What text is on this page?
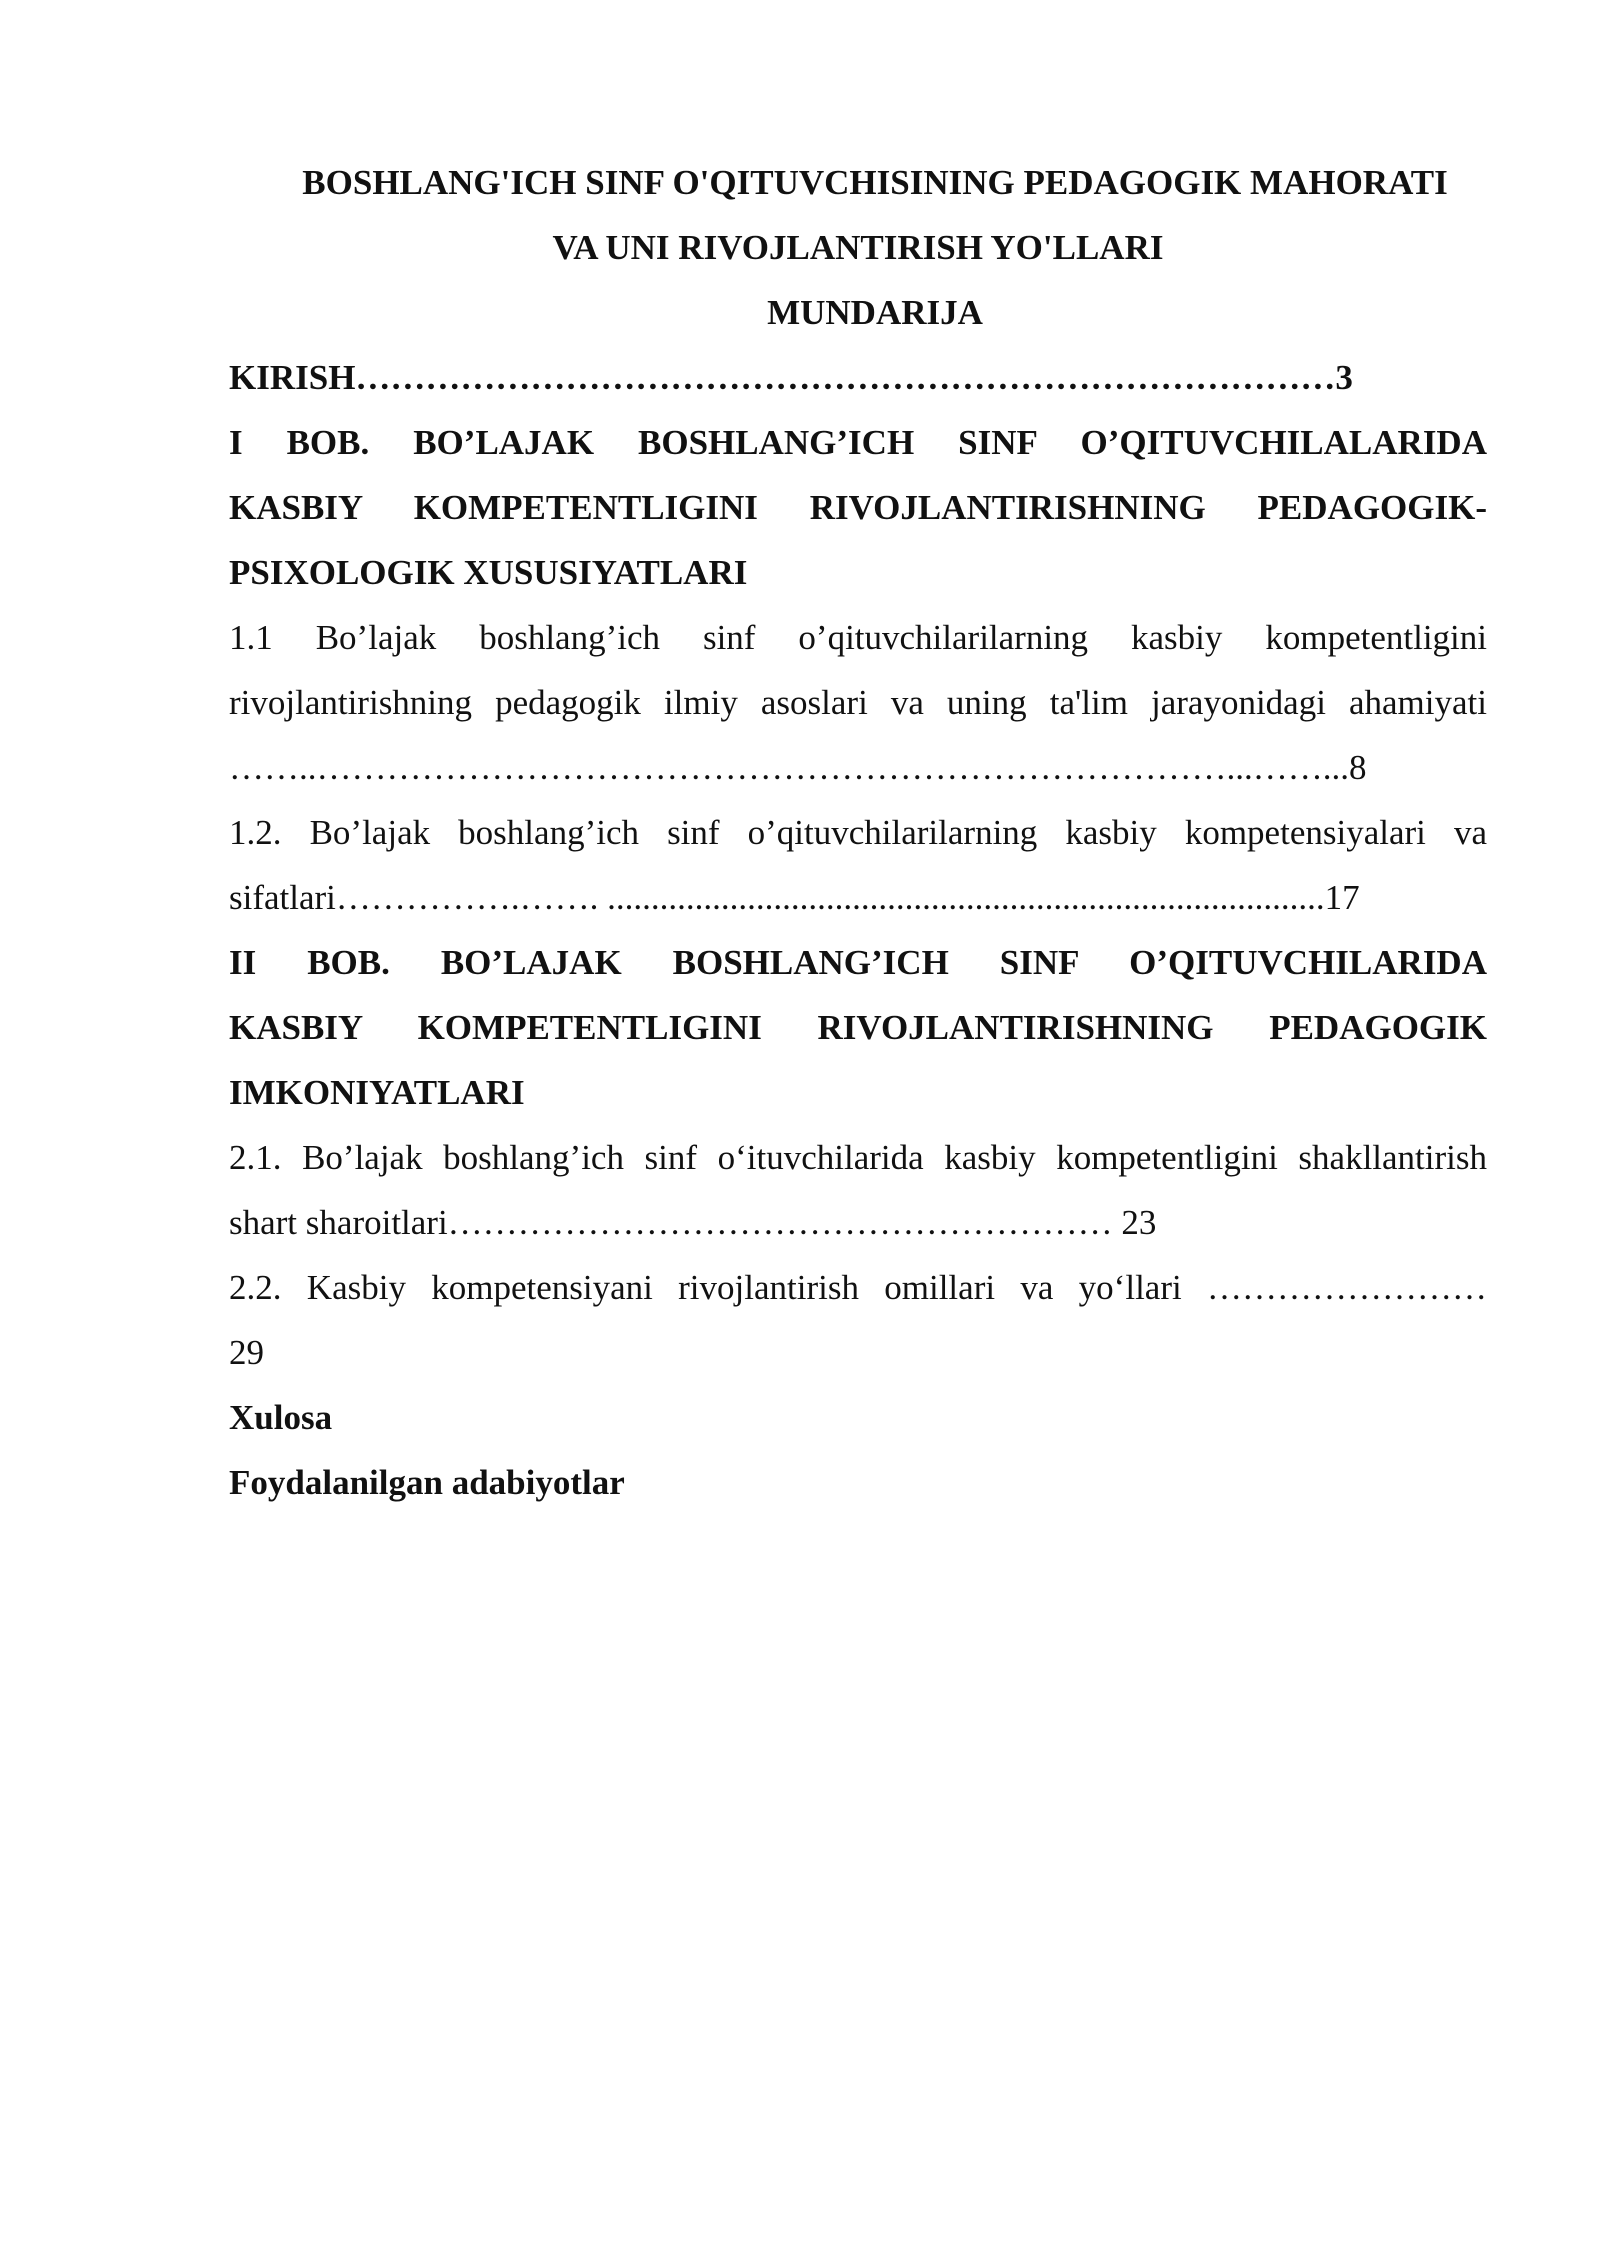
BOSHLANG'ICH SINF O'QITUVCHISINING PEDAGOGIK MAHORATI

VA UNI RIVOJLANTIRISH YO'LLARI

MUNDARIJA

KIRISH…………………………………………………………………………3

I BOB. BO’LAJAK BOSHLANG’ICH SINF O’QITUVCHILALARIDA
KASBIY KOMPETENTLIGINI RIVOJLANTIRISHNING PEDAGOGIK-
PSIXOLOGIK XUSUSIYATLARI
1.1 Bo’lajak boshlang’ich sinf o’qituvchilarilarning kasbiy kompetentligini
rivojlantirishning pedagogik ilmiy asoslari va uning ta'lim jarayonidagi ahamiyati
……..……………………………………………………………………...……...8
1.2. Bo’lajak boshlang’ich sinf o’qituvchilarilarning kasbiy kompetensiyalari va
sifatlari…………….……. ..................................................................................17
II BOB. BO’LAJAK BOSHLANG’ICH SINF O’QITUVCHILARIDA
KASBIY KOMPETENTLIGINI RIVOJLANTIRISHNING PEDAGOGIK
IMKONIYATLARI
2.1. Bo’lajak boshlang’ich sinf o‘ituvchilarida kasbiy kompetentligini shakllantirish
shart sharoitlari………………………………………………… 23
2.2. Kasbiy kompetensiyani rivojlantirish omillari va yo‘llari ……………………
29

Xulosa

Foydalanilgan adabiyotlar
